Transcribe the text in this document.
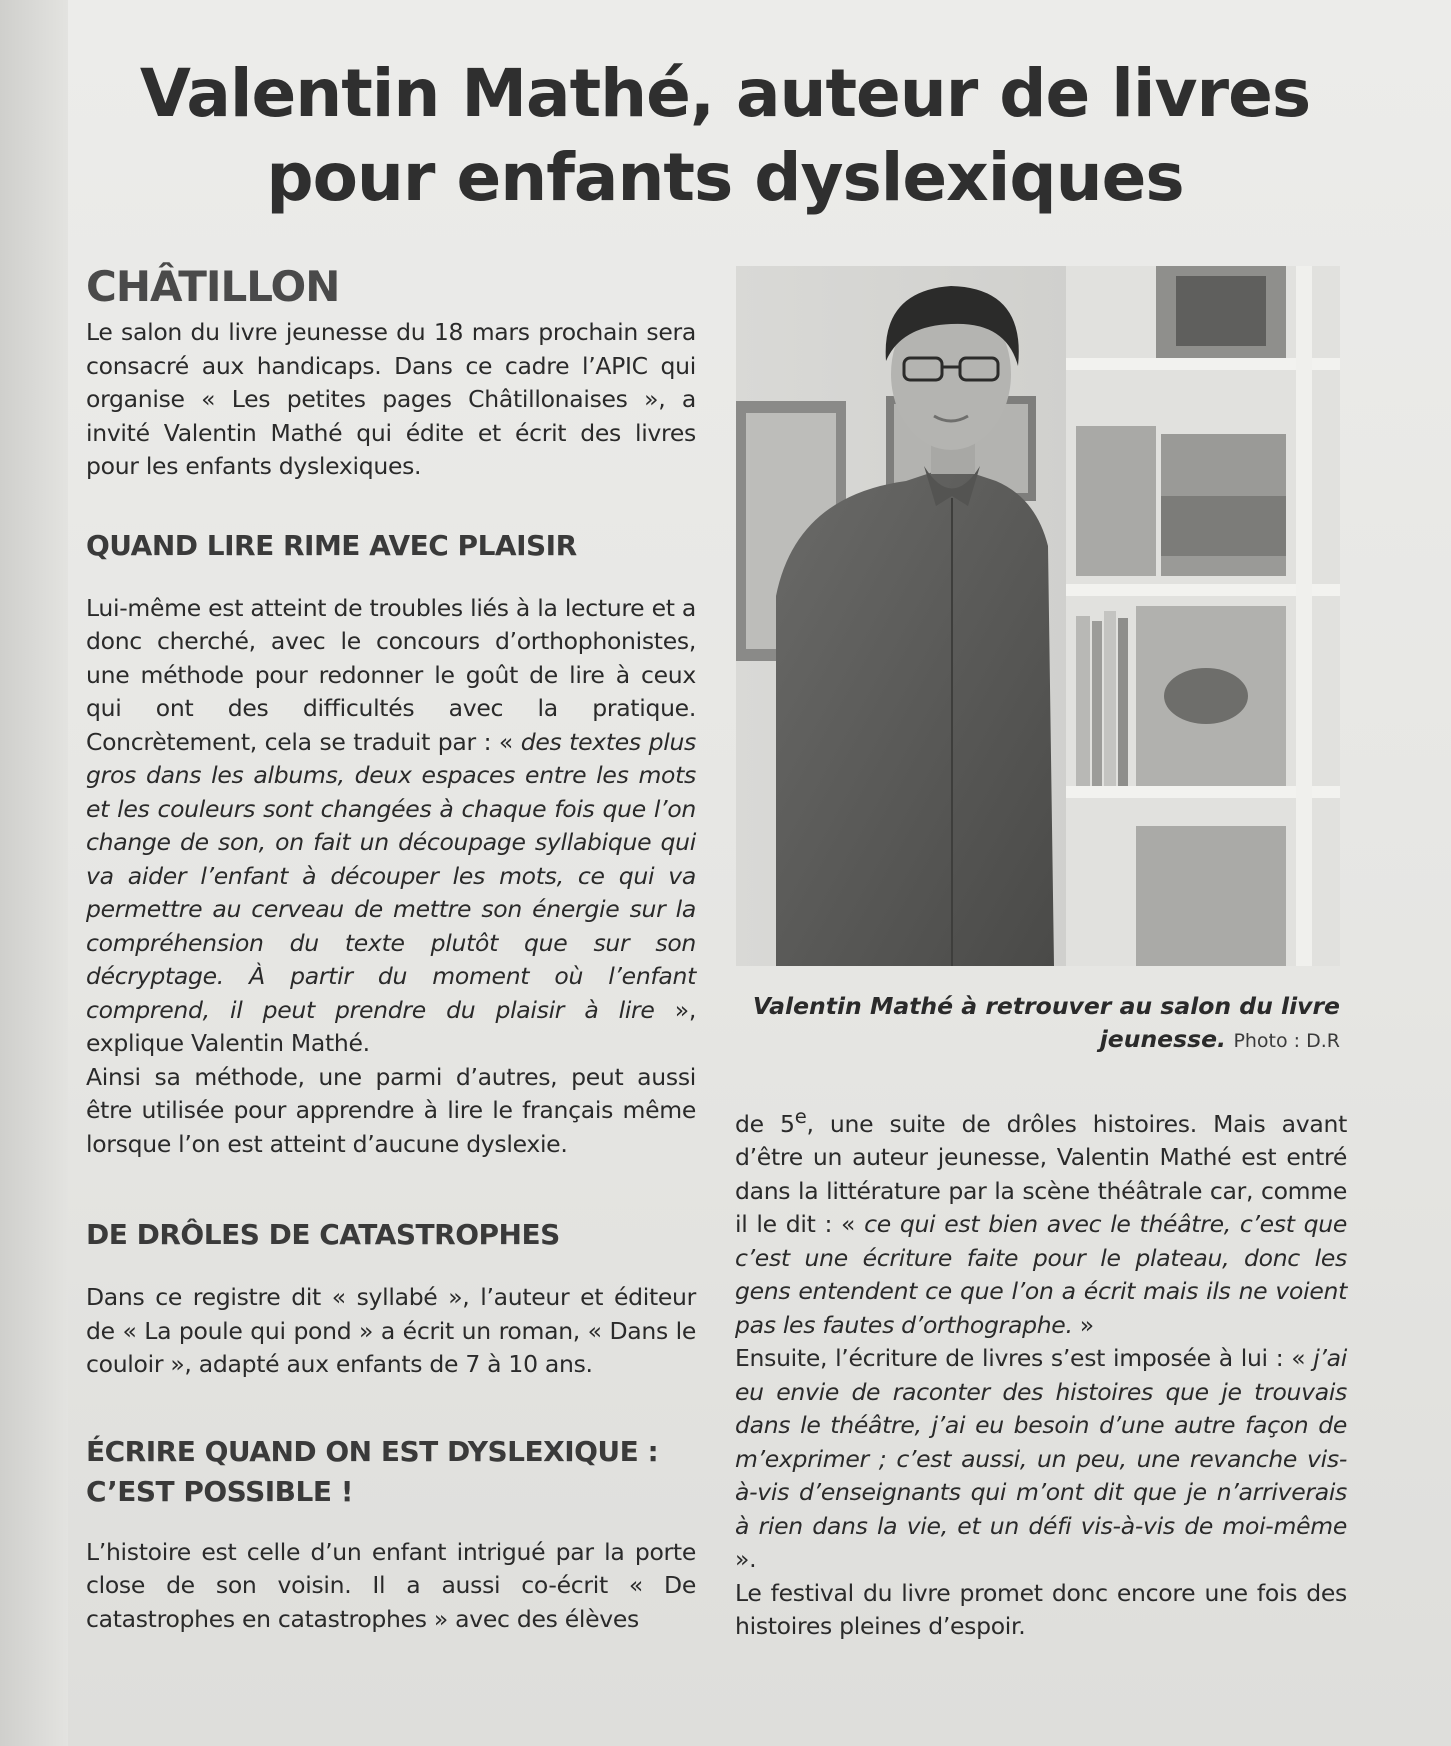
Valentin Mathé, auteur de livres
pour enfants dyslexiques
CHÂTILLON

Le salon du livre jeunesse du 18 mars prochain sera consacré aux handicaps. Dans ce cadre l’APIC qui organise « Les petites pages Châtillonaises », a invité Valentin Mathé qui édite et écrit des livres pour les enfants dyslexiques.

QUAND LIRE RIME AVEC PLAISIR

Lui-même est atteint de troubles liés à la lecture et a donc cherché, avec le concours d’orthophonistes, une méthode pour redonner le goût de lire à ceux qui ont des difficultés avec la pratique. Concrètement, cela se traduit par : « des textes plus gros dans les albums, deux espaces entre les mots et les couleurs sont changées à chaque fois que l’on change de son, on fait un découpage syllabique qui va aider l’enfant à découper les mots, ce qui va permettre au cerveau de mettre son énergie sur la compréhension du texte plutôt que sur son décryptage. À partir du moment où l’enfant comprend, il peut prendre du plaisir à lire », explique Valentin Mathé.

Ainsi sa méthode, une parmi d’autres, peut aussi être utilisée pour apprendre à lire le français même lorsque l’on est atteint d’aucune dyslexie.

DE DRÔLES DE CATASTROPHES

Dans ce registre dit « syllabé », l’auteur et éditeur de « La poule qui pond » a écrit un roman, « Dans le couloir », adapté aux enfants de 7 à 10 ans.

ÉCRIRE QUAND ON EST DYSLEXIQUE :
C’EST POSSIBLE !

L’histoire est celle d’un enfant intrigué par la porte close de son voisin. Il a aussi co-écrit « De catastrophes en catastrophes » avec des élèves

Valentin Mathé à retrouver au salon du livre jeunesse. Photo : D.R

de 5e, une suite de drôles histoires. Mais avant d’être un auteur jeunesse, Valentin Mathé est entré dans la littérature par la scène théâtrale car, comme il le dit : « ce qui est bien avec le théâtre, c’est que c’est une écriture faite pour le plateau, donc les gens entendent ce que l’on a écrit mais ils ne voient pas les fautes d’orthographe. »

Ensuite, l’écriture de livres s’est imposée à lui : « j’ai eu envie de raconter des histoires que je trouvais dans le théâtre, j’ai eu besoin d’une autre façon de m’exprimer ; c’est aussi, un peu, une revanche vis-à-vis d’enseignants qui m’ont dit que je n’arriverais à rien dans la vie, et un défi vis-à-vis de moi-même ».

Le festival du livre promet donc encore une fois des histoires pleines d’espoir.
